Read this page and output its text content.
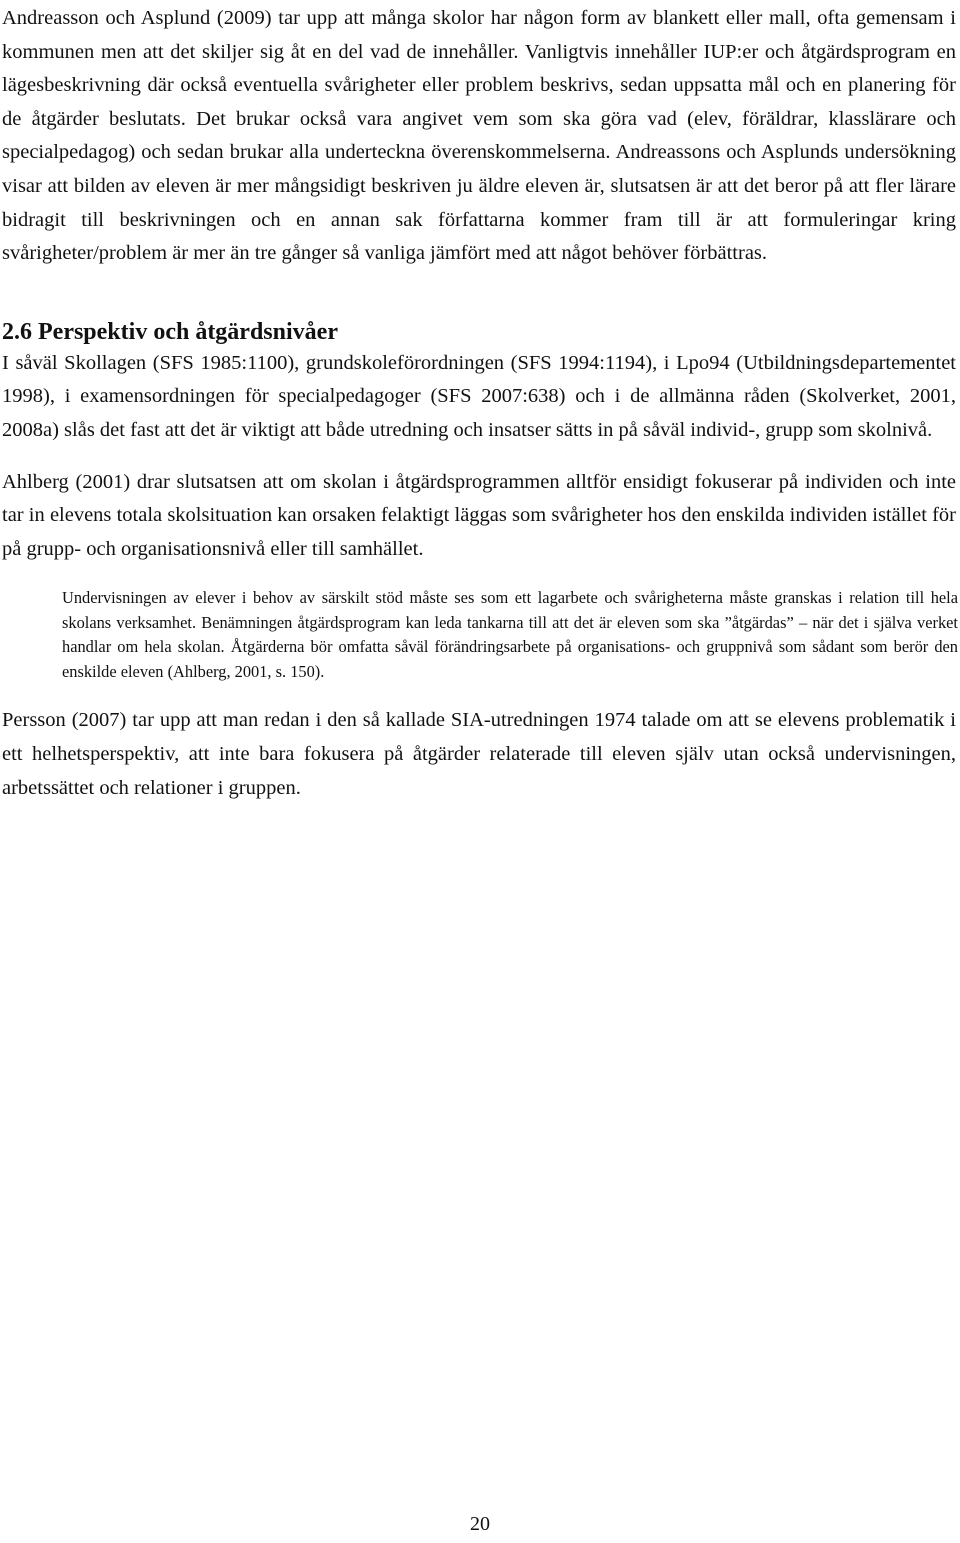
Andreasson och Asplund (2009) tar upp att många skolor har någon form av blankett eller mall, ofta gemensam i kommunen men att det skiljer sig åt en del vad de innehåller. Vanligtvis innehåller IUP:er och åtgärdsprogram en lägesbeskrivning där också eventuella svårigheter eller problem beskrivs, sedan uppsatta mål och en planering för de åtgärder beslutats. Det brukar också vara angivet vem som ska göra vad (elev, föräldrar, klasslärare och specialpedagog) och sedan brukar alla underteckna överenskommelserna. Andreassons och Asplunds undersökning visar att bilden av eleven är mer mångsidigt beskriven ju äldre eleven är, slutsatsen är att det beror på att fler lärare bidragit till beskrivningen och en annan sak författarna kommer fram till är att formuleringar kring svårigheter/problem är mer än tre gånger så vanliga jämfört med att något behöver förbättras.

2.6 Perspektiv och åtgärdsnivåer

I såväl Skollagen (SFS 1985:1100), grundskoleförordningen (SFS 1994:1194), i Lpo94 (Utbildningsdepartementet 1998), i examensordningen för specialpedagoger (SFS 2007:638) och i de allmänna råden (Skolverket, 2001, 2008a) slås det fast att det är viktigt att både utredning och insatser sätts in på såväl individ-, grupp som skolnivå.

Ahlberg (2001) drar slutsatsen att om skolan i åtgärdsprogrammen alltför ensidigt fokuserar på individen och inte tar in elevens totala skolsituation kan orsaken felaktigt läggas som svårigheter hos den enskilda individen istället för på grupp- och organisationsnivå eller till samhället.

Undervisningen av elever i behov av särskilt stöd måste ses som ett lagarbete och svårigheterna måste granskas i relation till hela skolans verksamhet. Benämningen åtgärdsprogram kan leda tankarna till att det är eleven som ska ”åtgärdas” – när det i själva verket handlar om hela skolan. Åtgärderna bör omfatta såväl förändringsarbete på organisations- och gruppnivå som sådant som berör den enskilde eleven (Ahlberg, 2001, s. 150).

Persson (2007) tar upp att man redan i den så kallade SIA-utredningen 1974 talade om att se elevens problematik i ett helhetsperspektiv, att inte bara fokusera på åtgärder relaterade till eleven själv utan också undervisningen, arbetssättet och relationer i gruppen.

20
